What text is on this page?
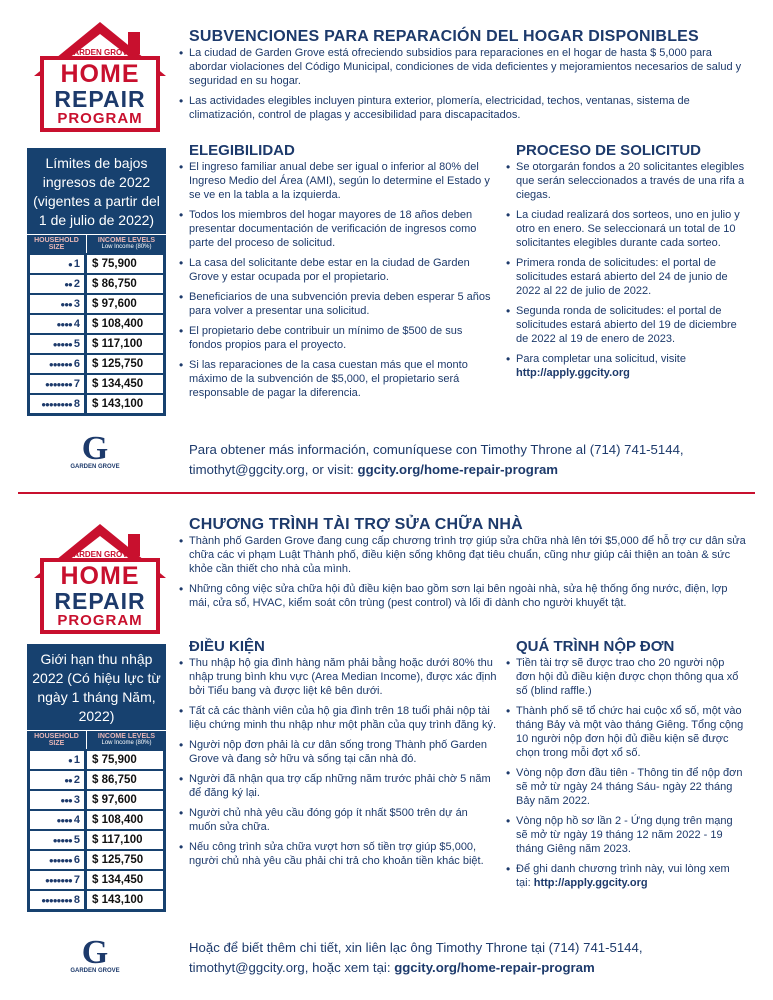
GARDEN GROVE
HOME
REPAIR
PROGRAM
Límites de bajos ingresos de 2022 (vigentes a partir del 1 de julio de 2022)
HOUSEHOLD SIZE
INCOME LEVELS
Low Income (80%)
● 1	$ 75,900
●● 2	$ 86,750
●●● 3	$ 97,600
●●●● 4	$ 108,400
●●●●● 5	$ 117,100
●●●●●● 6	$ 125,750
●●●●●●● 7	$ 134,450
●●●●●●●● 8	$ 143,100
G
GARDEN GROVE
SUBVENCIONES PARA REPARACIÓN DEL HOGAR DISPONIBLES
• La ciudad de Garden Grove está ofreciendo subsidios para reparaciones en el hogar de hasta $ 5,000 para abordar violaciones del Código Municipal, condiciones de vida deficientes y mejoramientos necesarios de salud y seguridad en su hogar.
• Las actividades elegibles incluyen pintura exterior, plomería, electricidad, techos, ventanas, sistema de climatización, control de plagas y accesibilidad para discapacitados.
ELEGIBILIDAD
• El ingreso familiar anual debe ser igual o inferior al 80% del Ingreso Medio del Área (AMI), según lo determine el Estado y se ve en la tabla a la izquierda.
• Todos los miembros del hogar mayores de 18 años deben presentar documentación de verificación de ingresos como parte del proceso de solicitud.
• La casa del solicitante debe estar en la ciudad de Garden Grove y estar ocupada por el propietario.
• Beneficiarios de una subvención previa deben esperar 5 años para volver a presentar una solicitud.
• El propietario debe contribuir un mínimo de $500 de sus fondos propios para el proyecto.
• Si las reparaciones de la casa cuestan más que el monto máximo de la subvención de $5,000, el propietario será responsable de pagar la diferencia.
PROCESO DE SOLICITUD
• Se otorgarán fondos a 20 solicitantes elegibles que serán seleccionados a través de una rifa a ciegas.
• La ciudad realizará dos sorteos, uno en julio y otro en enero. Se seleccionará un total de 10 solicitantes elegibles durante cada sorteo.
• Primera ronda de solicitudes: el portal de solicitudes estará abierto del 24 de junio de 2022 al 22 de julio de 2022.
• Segunda ronda de solicitudes: el portal de solicitudes estará abierto del 19 de diciembre de 2022 al 19 de enero de 2023.
• Para completar una solicitud, visite
http://apply.ggcity.org
Para obtener más información, comuníquese con Timothy Throne al (714) 741-5144,
timothyt@ggcity.org, or visit: ggcity.org/home-repair-program
GARDEN GROVE
HOME
REPAIR
PROGRAM
Giới hạn thu nhập 2022 (Có hiệu lực từ ngày 1 tháng Năm, 2022)
HOUSEHOLD SIZE
INCOME LEVELS
Low Income (80%)
● 1	$ 75,900
●● 2	$ 86,750
●●● 3	$ 97,600
●●●● 4	$ 108,400
●●●●● 5	$ 117,100
●●●●●● 6	$ 125,750
●●●●●●● 7	$ 134,450
●●●●●●●● 8	$ 143,100
G
GARDEN GROVE
CHƯƠNG TRÌNH TÀI TRỢ SỬA CHỮA NHÀ
• Thành phố Garden Grove đang cung cấp chương trình trợ giúp sửa chữa nhà lên tới $5,000 để hỗ trợ cư dân sửa chữa các vi phạm Luật Thành phố, điều kiện sống không đạt tiêu chuẩn, cũng như giúp cải thiện an toàn & sức khỏe cần thiết cho nhà của mình.
• Những công việc sửa chữa hội đủ điều kiện bao gồm sơn lại bên ngoài nhà, sửa hệ thống ống nước, điện, lợp mái, cửa sổ, HVAC, kiểm soát côn trùng (pest control) và lối đi dành cho người khuyết tật.
ĐIỀU KIỆN
• Thu nhập hộ gia đình hàng năm phải bằng hoặc dưới 80% thu nhập trung bình khu vực (Area Median Income), được xác định bởi Tiểu bang và được liệt kê bên dưới.
• Tất cả các thành viên của hộ gia đình trên 18 tuổi phải nộp tài liệu chứng minh thu nhập như một phần của quy trình đăng ký.
• Người nộp đơn phải là cư dân sống trong Thành phố Garden Grove và đang sở hữu và sống tại căn nhà đó.
• Người đã nhận qua trợ cấp những năm trước phải chờ 5 năm để đăng ký lại.
• Người chủ nhà yêu cầu đóng góp ít nhất $500 trên dự án muốn sửa chữa.
• Nếu công trình sửa chữa vượt hơn số tiền trợ giúp $5,000, người chủ nhà yêu cầu phải chi trả cho khoản tiền khác biệt.
QUÁ TRÌNH NỘP ĐƠN
• Tiền tài trợ sẽ được trao cho 20 người nộp đơn hội đủ điều kiện được chọn thông qua xổ số (blind raffle.)
• Thành phố sẽ tổ chức hai cuộc xổ số, một vào tháng Bảy và một vào tháng Giêng. Tổng cộng 10 người nộp đơn hội đủ điều kiện sẽ được chọn trong mỗi đợt xổ số.
• Vòng nộp đơn đầu tiên - Thông tin để nộp đơn sẽ mở từ ngày 24 tháng Sáu- ngày 22 tháng Bảy năm 2022.
• Vòng nộp hồ sơ lần 2 - Ứng dụng trên mạng sẽ mở từ ngày 19 tháng 12 năm 2022 - 19 tháng Giêng năm 2023.
• Để ghi danh chương trình này, vui lòng xem tại: http://apply.ggcity.org
Hoặc để biết thêm chi tiết, xin liên lạc ông Timothy Throne tại (714) 741-5144,
timothyt@ggcity.org, hoặc xem tại: ggcity.org/home-repair-program
